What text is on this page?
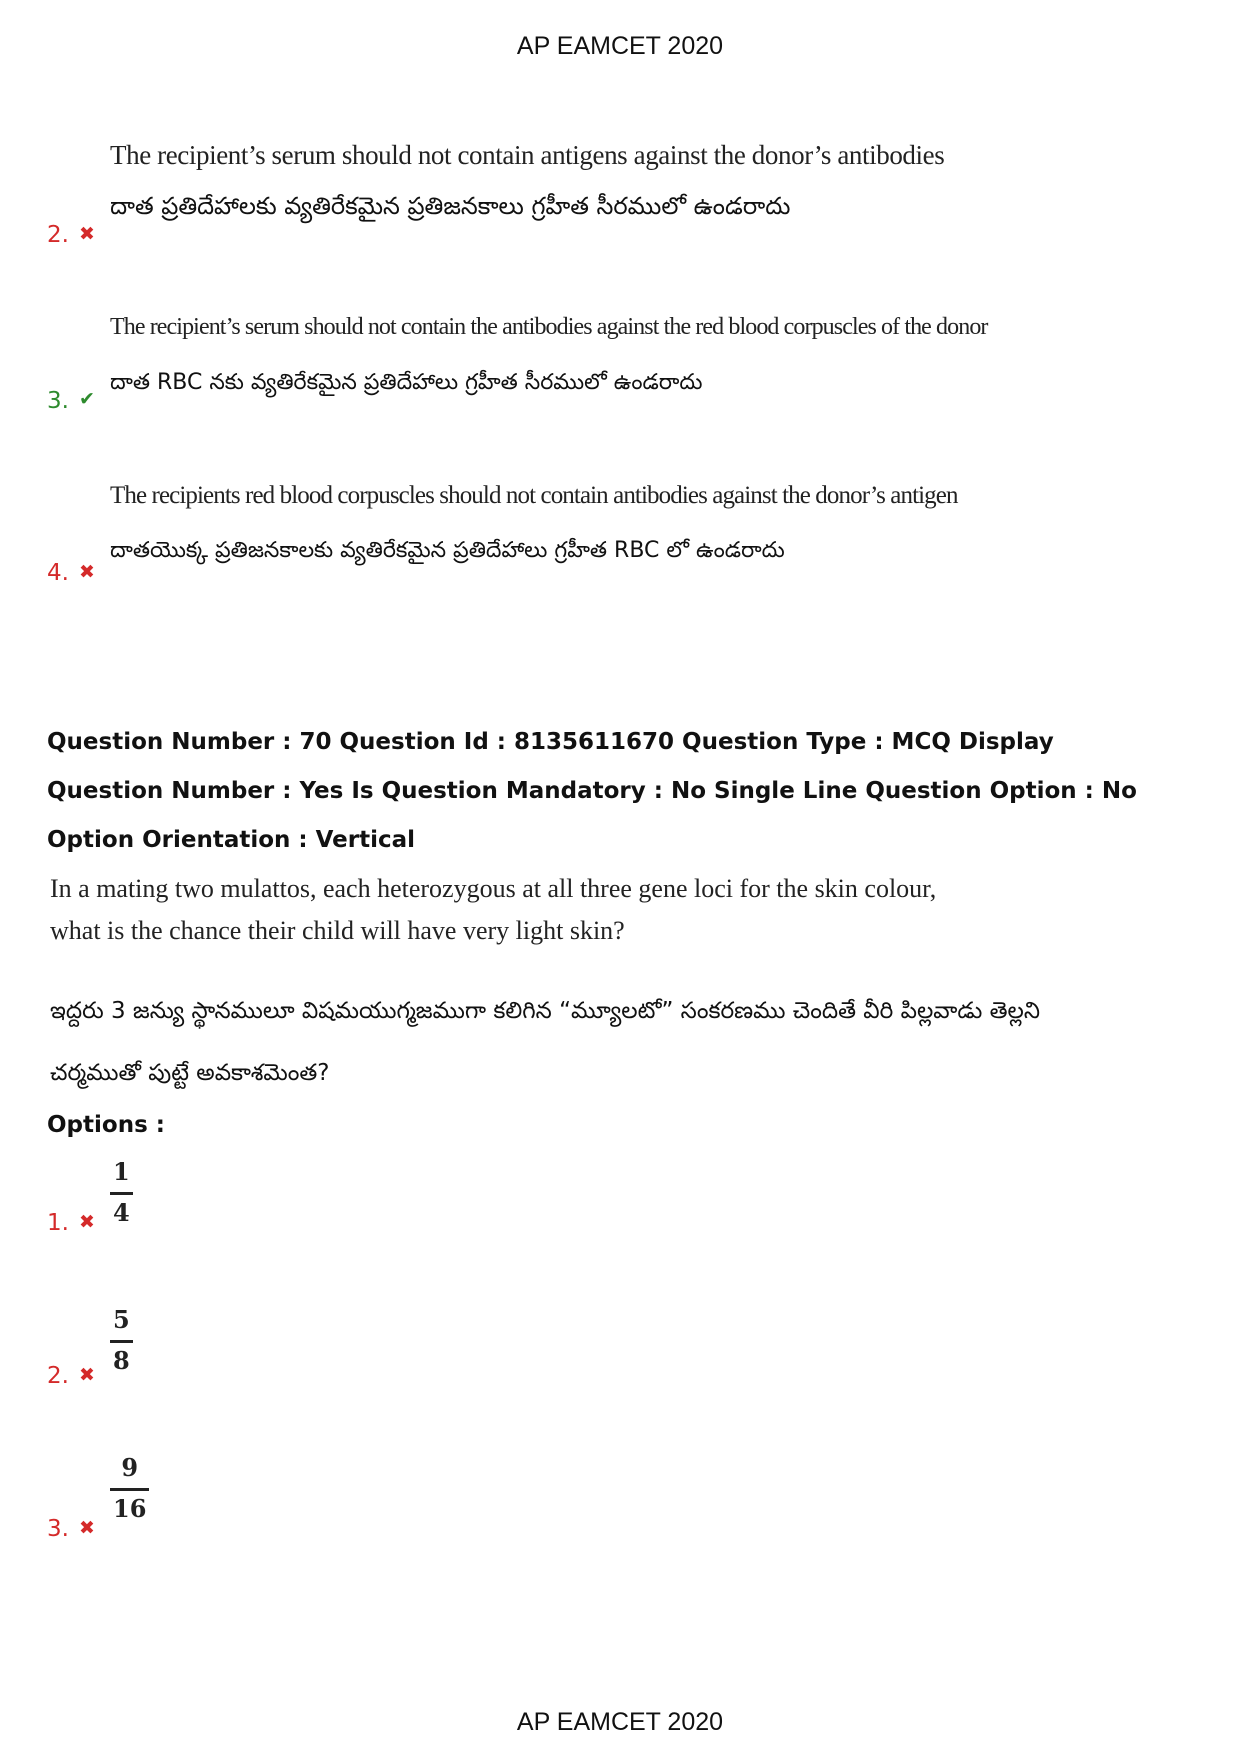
AP EAMCET 2020
The recipient’s serum should not contain antigens against the donor’s antibodies
దాత ప్రతిదేహాలకు వ్యతిరేకమైన ప్రతిజనకాలు గ్రహీత సీరములో ఉండరాదు
2. ✖
The recipient’s serum should not contain the antibodies against the red blood corpuscles of the donor
దాత RBC నకు వ్యతిరేకమైన ప్రతిదేహాలు గ్రహీత సీరములో ఉండరాదు
3. ✔
The recipients red blood corpuscles should not contain antibodies against the donor’s antigen
దాతయొక్క ప్రతిజనకాలకు వ్యతిరేకమైన ప్రతిదేహాలు గ్రహీత RBC లో ఉండరాదు
4. ✖
Question Number : 70 Question Id : 8135611670 Question Type : MCQ Display Question Number : Yes Is Question Mandatory : No Single Line Question Option : No Option Orientation : Vertical
In a mating two mulattos, each heterozygous at all three gene loci for the skin colour, what is the chance their child will have very light skin?
ఇద్దరు 3 జన్యు స్థానములూ విషమయుగ్మజముగా కలిగిన “మ్యూలటో” సంకరణము చెందితే వీరి పిల్లవాడు తెల్లని చర్మముతో పుట్టే అవకాశమెంత?
Options :
1
4
1. ✖
5
8
2. ✖
9
16
3. ✖
AP EAMCET 2020
